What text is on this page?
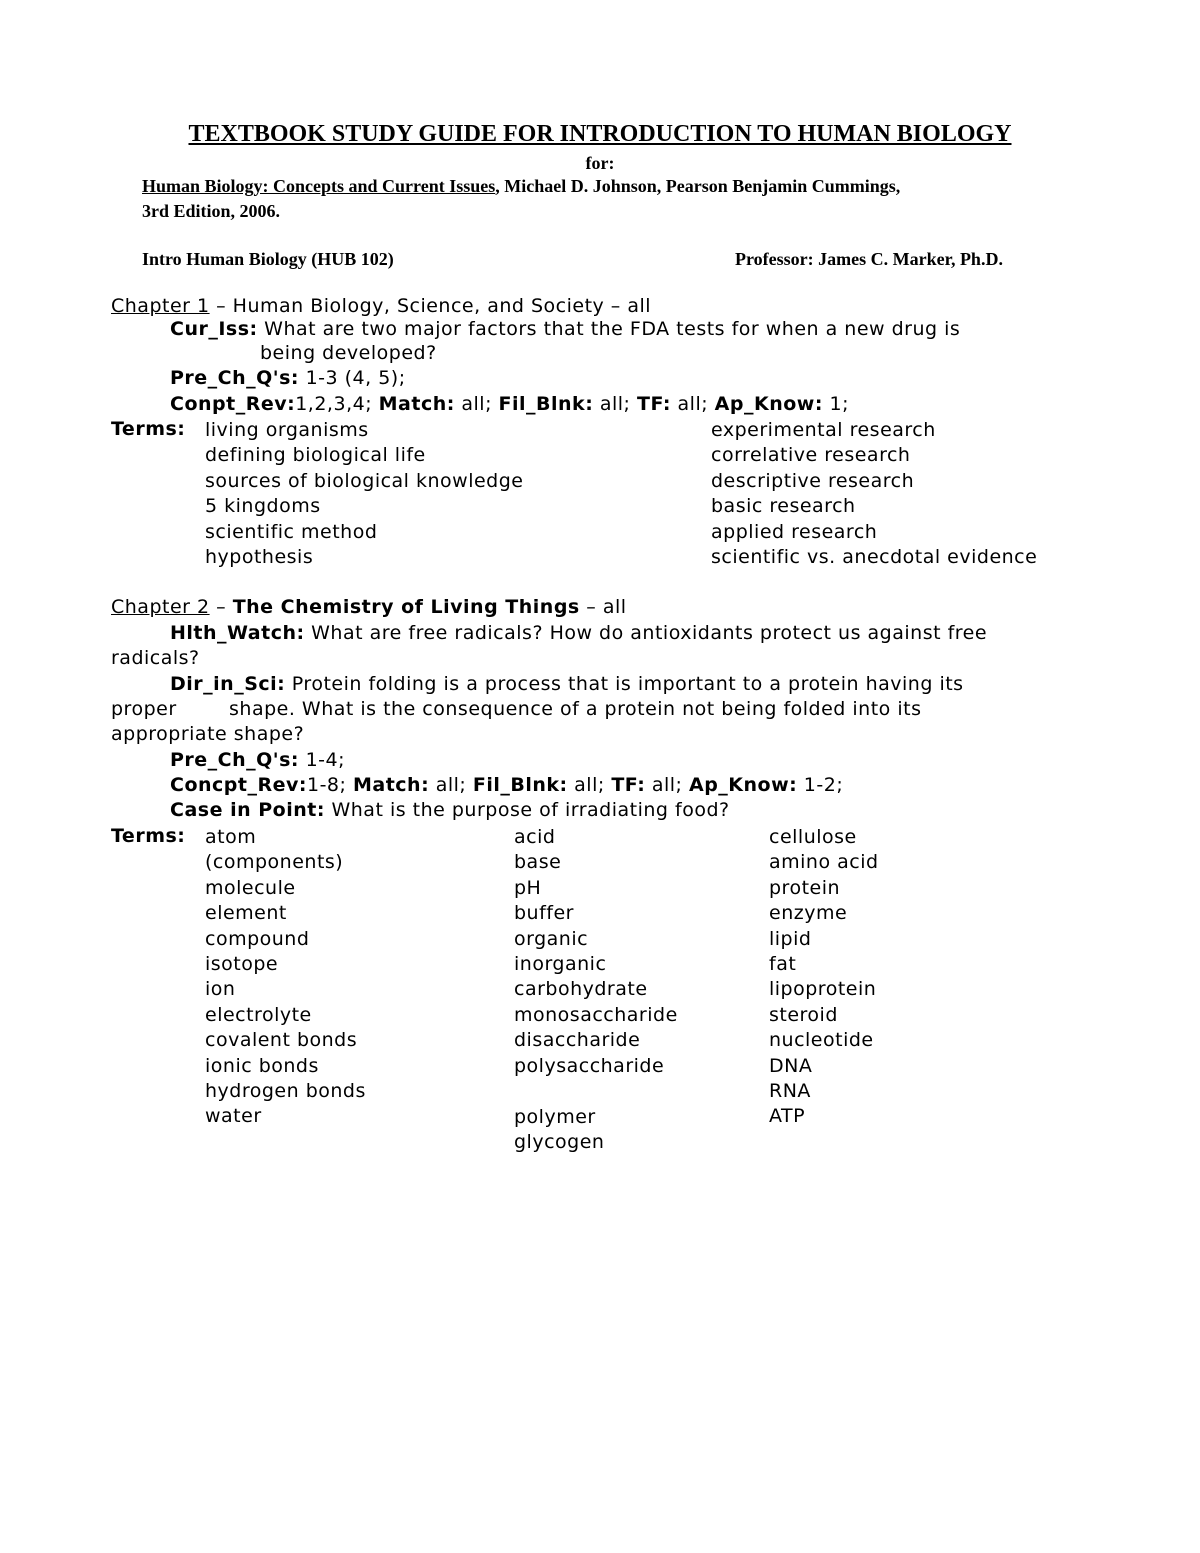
TEXTBOOK STUDY GUIDE FOR INTRODUCTION TO HUMAN BIOLOGY
for:
Human Biology: Concepts and Current Issues, Michael D. Johnson, Pearson Benjamin Cummings,
3rd Edition, 2006.
Intro Human Biology (HUB 102)	Professor: James C. Marker, Ph.D.
Chapter 1 – Human Biology, Science, and Society – all
Cur_Iss: What are two major factors that the FDA tests for when a new drug is
being developed?
Pre_Ch_Q's: 1-3 (4, 5);
Conpt_Rev:1,2,3,4; Match: all; Fil_Blnk: all; TF: all; Ap_Know: 1;
Terms: living organisms
defining biological life
sources of biological knowledge
5 kingdoms
scientific method
hypothesis
experimental research
correlative research
descriptive research
basic research
applied research
scientific vs. anecdotal evidence
Chapter 2 – The Chemistry of Living Things – all
Hlth_Watch: What are free radicals? How do antioxidants protect us against free
radicals?
Dir_in_Sci: Protein folding is a process that is important to a protein having its
proper	shape. What is the consequence of a protein not being folded into its
appropriate shape?
Pre_Ch_Q's: 1-4;
Concpt_Rev:1-8; Match: all; Fil_Blnk: all; TF: all; Ap_Know: 1-2;
Case in Point: What is the purpose of irradiating food?
Terms: atom
(components)
molecule
element
compound
isotope
ion
electrolyte
covalent bonds
ionic bonds
hydrogen bonds
water
acid
base
pH
buffer
organic
inorganic
carbohydrate
monosaccharide
disaccharide
polysaccharide
polymer
glycogen
cellulose
amino acid
protein
enzyme
lipid
fat
lipoprotein
steroid
nucleotide
DNA
RNA
ATP
